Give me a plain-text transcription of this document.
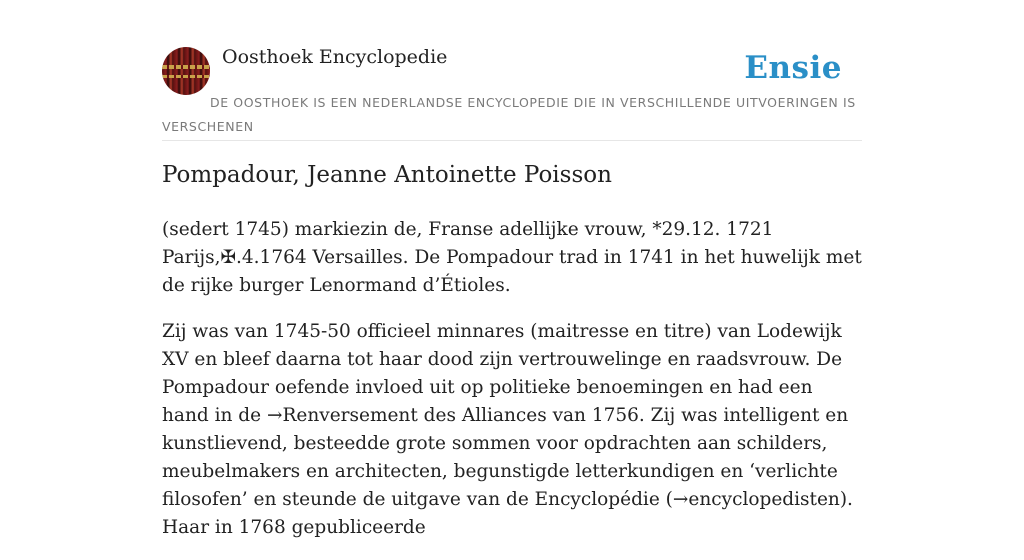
Oosthoek Encyclopedie	Ensie
DE OOSTHOEK IS EEN NEDERLANDSE ENCYCLOPEDIE DIE IN VERSCHILLENDE UITVOERINGEN IS VERSCHENEN
Pompadour, Jeanne Antoinette Poisson

(sedert 1745) markiezin de, Franse adellijke vrouw, *29.12. 1721 Parijs,✠.4.1764 Versailles. De Pompadour trad in 1741 in het huwelijk met de rijke burger Lenormand d’Étioles.

Zij was van 1745-50 officieel minnares (maitresse en titre) van Lodewijk XV en bleef daarna tot haar dood zijn vertrouwelinge en raadsvrouw. De Pompadour oefende invloed uit op politieke benoemingen en had een hand in de →Renversement des Alliances van 1756. Zij was intelligent en kunstlievend, besteedde grote sommen voor opdrachten aan schilders, meubelmakers en architecten, begunstigde letterkundigen en ‘verlichte filosofen’ en steunde de uitgave van de Encyclopédie (→encyclopedisten). Haar in 1768 gepubliceerde
